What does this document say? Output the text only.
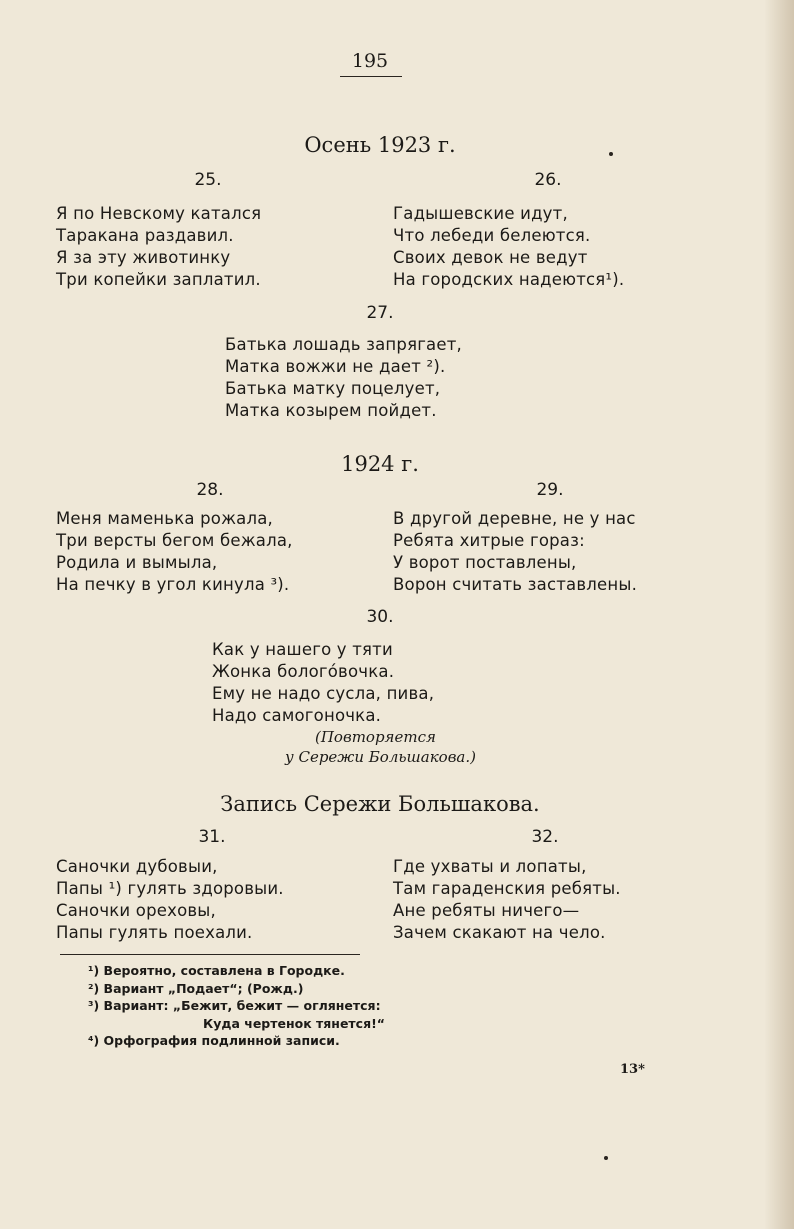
195
Осень 1923 г.
25.	26.
Я по Невскому катался
Таракана раздавил.
Я за эту животинку
Три копейки заплатил.
Гадышевские идут,
Что лебеди белеются.
Своих девок не ведут
На городских надеются¹).
27.
Батька лошадь запрягает,
Матка вожжи не дает ²).
Батька матку поцелует,
Матка козырем пойдет.
1924 г.
28.	29.
Меня маменька рожала,
Три версты бегом бежала,
Родила и вымыла,
На печку в угол кинула ³).
В другой деревне, не у нас
Ребята хитрые гораз:
У ворот поставлены,
Ворон считать заставлены.
30.
Как у нашего у тяти
Жонка бологóвочка.
Ему не надо сусла, пива,
Надо самогоночка.
(Повторяется
у Сережи Большакова.)
Запись Сережи Большакова.
31.	32.
Саночки дубовыи,
Папы ¹) гулять здоровыи.
Саночки ореховы,
Папы гулять поехали.
Где ухваты и лопаты,
Там гараденския ребяты.
Ане ребяты ничего—
Зачем скакают на чело.
¹) Вероятно, составлена в Городке.
²) Вариант „Подает“; (Рожд.)
³) Вариант: „Бежит, бежит — оглянется:
Куда чертенок тянется!“
⁴) Орфография подлинной записи.
13*
